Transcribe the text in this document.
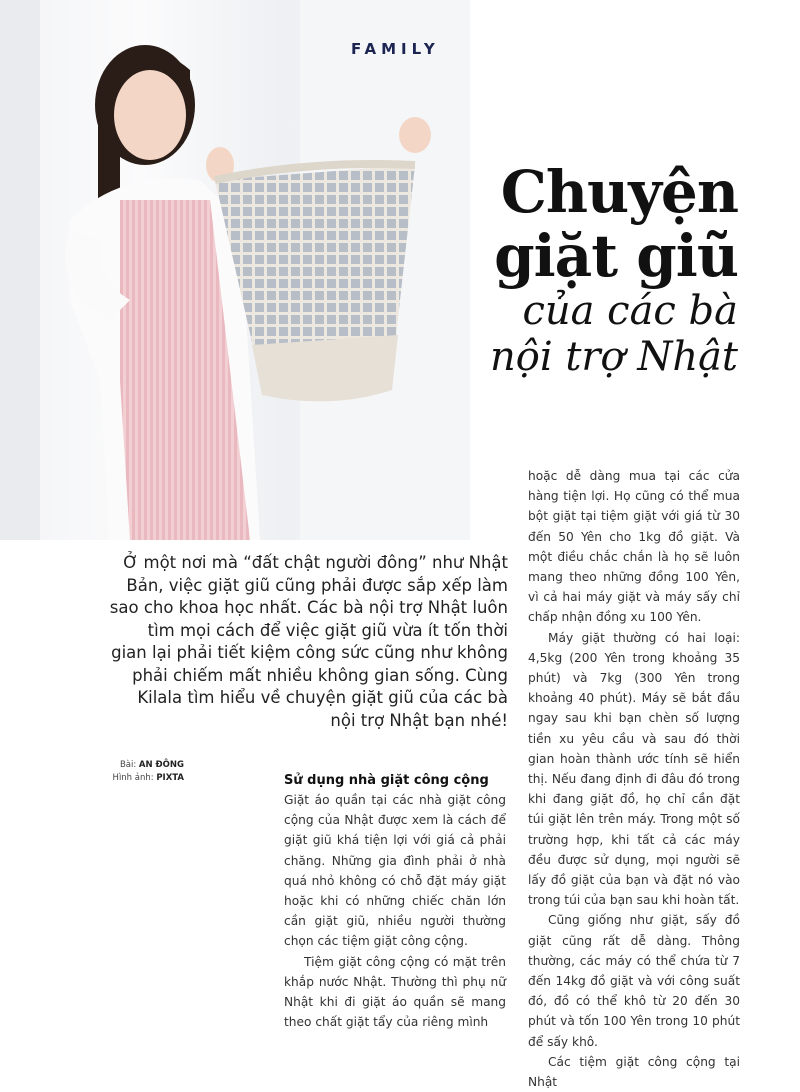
FAMILY
Chuyện
giặt giũ
của các bà
nội trợ Nhật
Ở một nơi mà “đất chật người đông” như Nhật Bản, việc giặt giũ cũng phải được sắp xếp làm sao cho khoa học nhất. Các bà nội trợ Nhật luôn tìm mọi cách để việc giặt giũ vừa ít tốn thời gian lại phải tiết kiệm công sức cũng như không phải chiếm mất nhiều không gian sống. Cùng Kilala tìm hiểu về chuyện giặt giũ của các bà nội trợ Nhật bạn nhé!
Bài: AN ĐÔNG
Hình ảnh: PIXTA	Sử dụng nhà giặt công cộng

Giặt áo quần tại các nhà giặt công cộng của Nhật được xem là cách để giặt giũ khá tiện lợi với giá cả phải chăng. Những gia đình phải ở nhà quá nhỏ không có chỗ đặt máy giặt hoặc khi có những chiếc chăn lớn cần giặt giũ, nhiều người thường chọn các tiệm giặt công cộng.

Tiệm giặt công cộng có mặt trên khắp nước Nhật. Thường thì phụ nữ Nhật khi đi giặt áo quần sẽ mang theo chất giặt tẩy của riêng mình

hoặc dễ dàng mua tại các cửa hàng tiện lợi. Họ cũng có thể mua bột giặt tại tiệm giặt với giá từ 30 đến 50 Yên cho 1kg đồ giặt. Và một điều chắc chắn là họ sẽ luôn mang theo những đồng 100 Yên, vì cả hai máy giặt và máy sấy chỉ chấp nhận đồng xu 100 Yên.

Máy giặt thường có hai loại: 4,5kg (200 Yên trong khoảng 35 phút) và 7kg (300 Yên trong khoảng 40 phút). Máy sẽ bắt đầu ngay sau khi bạn chèn số lượng tiền xu yêu cầu và sau đó thời gian hoàn thành ước tính sẽ hiển thị. Nếu đang định đi đâu đó trong khi đang giặt đồ, họ chỉ cần đặt túi giặt lên trên máy. Trong một số trường hợp, khi tất cả các máy đều được sử dụng, mọi người sẽ lấy đồ giặt của bạn và đặt nó vào trong túi của bạn sau khi hoàn tất.

Cũng giống như giặt, sấy đồ giặt cũng rất dễ dàng. Thông thường, các máy có thể chứa từ 7 đến 14kg đồ giặt và với công suất đó, đồ có thể khô từ 20 đến 30 phút và tốn 100 Yên trong 10 phút để sấy khô.

Các tiệm giặt công cộng tại Nhật
